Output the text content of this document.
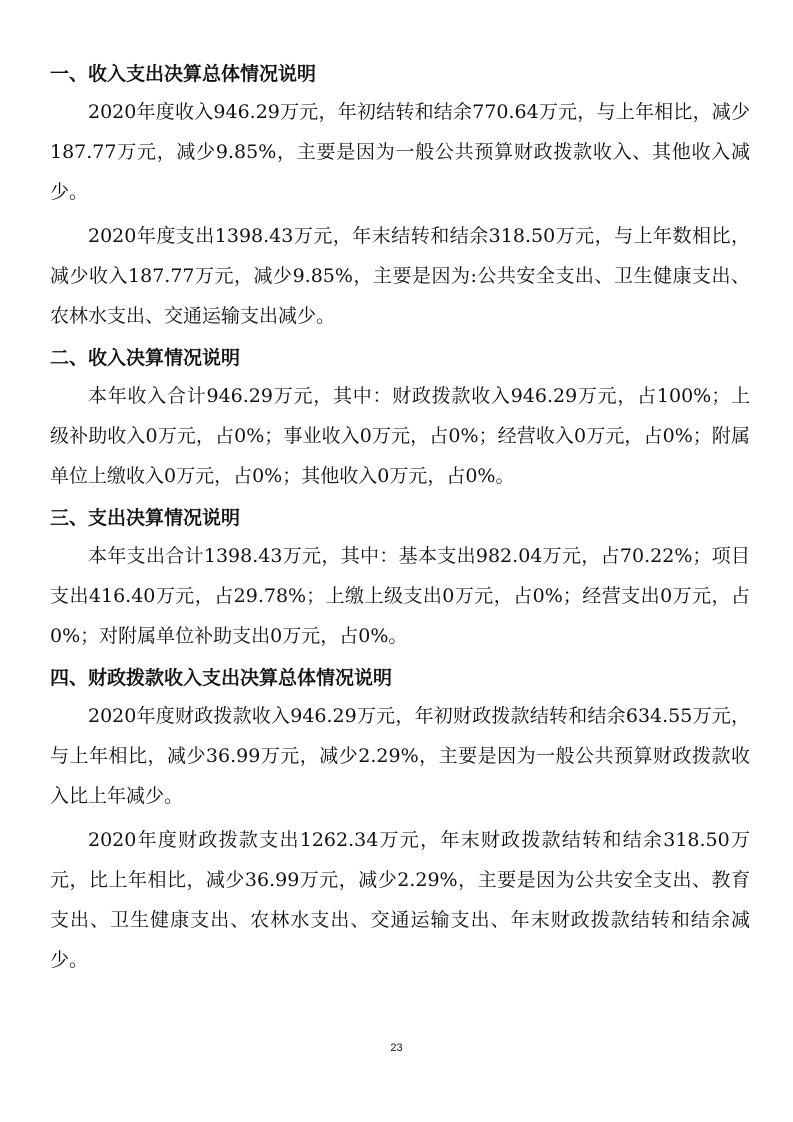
一、收入支出决算总体情况说明

2020年度收入946.29万元，年初结转和结余770.64万元，与上年相比，减少187.77万元，减少9.85%，主要是因为一般公共预算财政拨款收入、其他收入减少。

2020年度支出1398.43万元，年末结转和结余318.50万元，与上年数相比，减少收入187.77万元，减少9.85%，主要是因为:公共安全支出、卫生健康支出、农林水支出、交通运输支出减少。

二、收入决算情况说明

本年收入合计946.29万元，其中：财政拨款收入946.29万元，占100%；上级补助收入0万元，占0%；事业收入0万元，占0%；经营收入0万元，占0%；附属单位上缴收入0万元，占0%；其他收入0万元，占0%。

三、支出决算情况说明

本年支出合计1398.43万元，其中：基本支出982.04万元，占70.22%；项目支出416.40万元，占29.78%；上缴上级支出0万元，占0%；经营支出0万元，占0%；对附属单位补助支出0万元，占0%。

四、财政拨款收入支出决算总体情况说明

2020年度财政拨款收入946.29万元，年初财政拨款结转和结余634.55万元，与上年相比，减少36.99万元，减少2.29%，主要是因为一般公共预算财政拨款收入比上年减少。

2020年度财政拨款支出1262.34万元，年末财政拨款结转和结余318.50万元，比上年相比，减少36.99万元，减少2.29%，主要是因为公共安全支出、教育支出、卫生健康支出、农林水支出、交通运输支出、年末财政拨款结转和结余减少。

23
